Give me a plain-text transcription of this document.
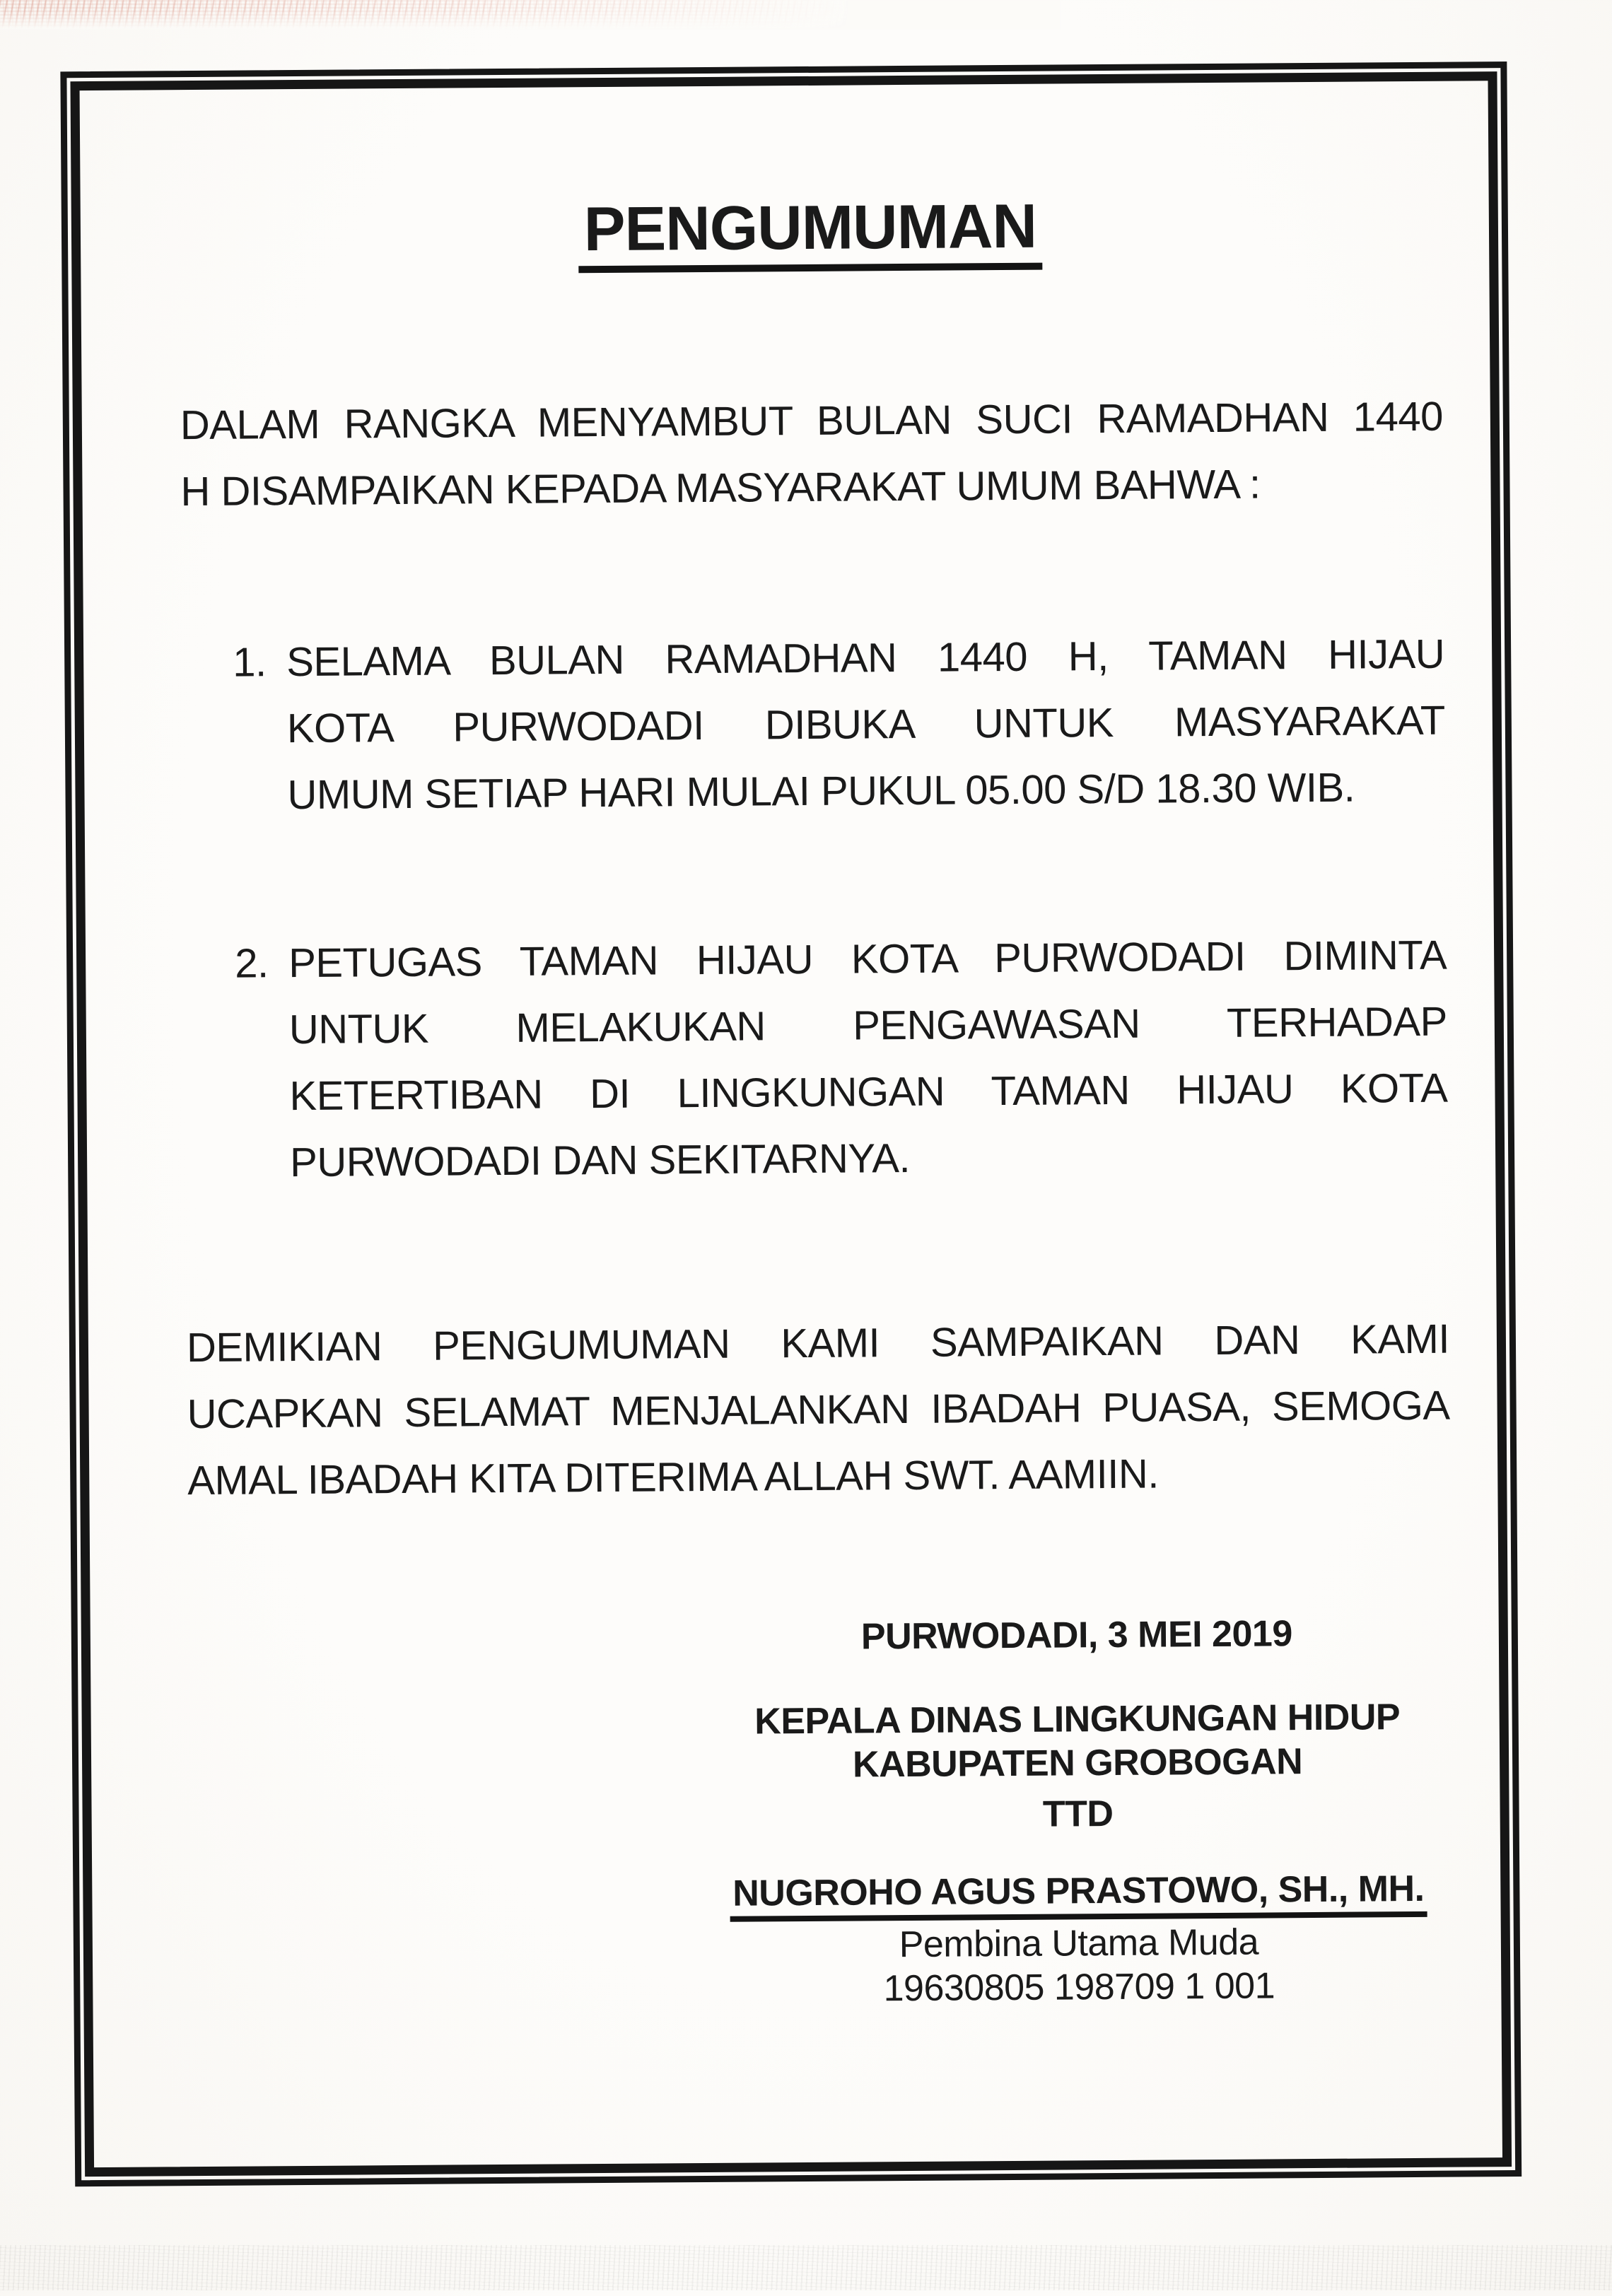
PENGUMUMAN
DALAM RANGKA MENYAMBUT BULAN SUCI RAMADHAN 1440
H DISAMPAIKAN KEPADA MASYARAKAT UMUM BAHWA :
1. SELAMA BULAN RAMADHAN 1440 H, TAMAN HIJAU
KOTA PURWODADI DIBUKA UNTUK MASYARAKAT
UMUM SETIAP HARI MULAI PUKUL 05.00 S/D 18.30 WIB.
2. PETUGAS TAMAN HIJAU KOTA PURWODADI DIMINTA
UNTUK MELAKUKAN PENGAWASAN TERHADAP
KETERTIBAN DI LINGKUNGAN TAMAN HIJAU KOTA
PURWODADI DAN SEKITARNYA.
DEMIKIAN PENGUMUMAN KAMI SAMPAIKAN DAN KAMI
UCAPKAN SELAMAT MENJALANKAN IBADAH PUASA, SEMOGA
AMAL IBADAH KITA DITERIMA ALLAH SWT. AAMIIN.
PURWODADI, 3 MEI 2019
KEPALA DINAS LINGKUNGAN HIDUP
KABUPATEN GROBOGAN
TTD
NUGROHO AGUS PRASTOWO, SH., MH.
Pembina Utama Muda
19630805 198709 1 001
